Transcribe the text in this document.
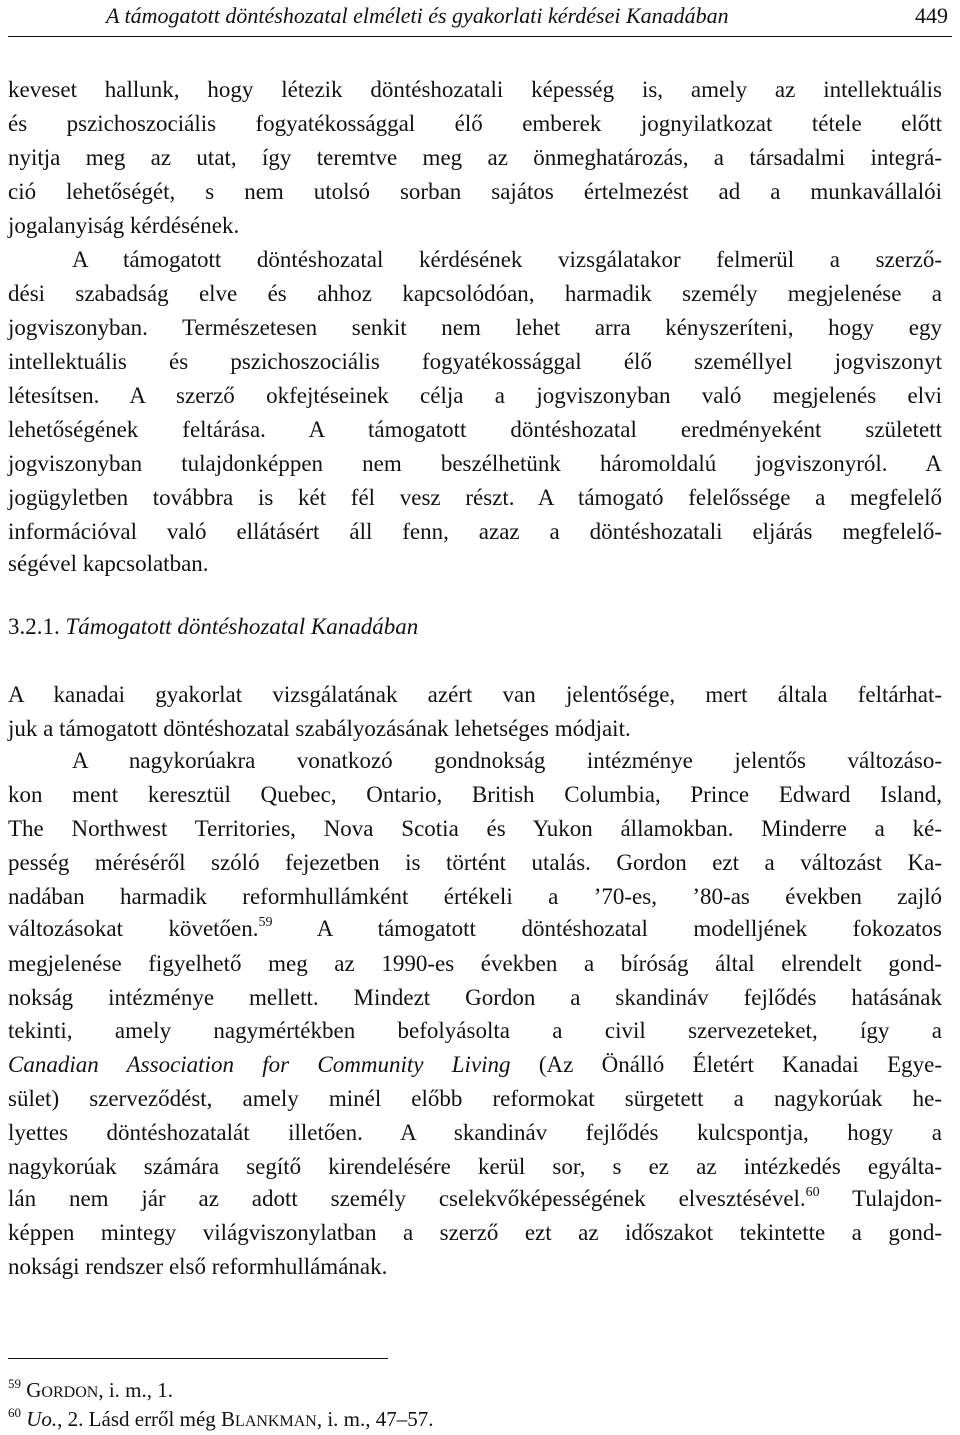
A támogatott döntéshozatal elméleti és gyakorlati kérdései Kanadában	449
keveset hallunk, hogy létezik döntéshozatali képesség is, amely az intellektuális
és pszichoszociális fogyatékossággal élő emberek jognyilatkozat tétele előtt
nyitja meg az utat, így teremtve meg az önmeghatározás, a társadalmi integrá-
ció lehetőségét, s nem utolsó sorban sajátos értelmezést ad a munkavállalói
jogalanyiság kérdésének.
A támogatott döntéshozatal kérdésének vizsgálatakor felmerül a szerző-
dési szabadság elve és ahhoz kapcsolódóan, harmadik személy megjelenése a
jogviszonyban. Természetesen senkit nem lehet arra kényszeríteni, hogy egy
intellektuális és pszichoszociális fogyatékossággal élő személlyel jogviszonyt
létesítsen. A szerző okfejtéseinek célja a jogviszonyban való megjelenés elvi
lehetőségének feltárása. A támogatott döntéshozatal eredményeként született
jogviszonyban tulajdonképpen nem beszélhetünk háromoldalú jogviszonyról. A
jogügyletben továbbra is két fél vesz részt. A támogató felelőssége a megfelelő
információval való ellátásért áll fenn, azaz a döntéshozatali eljárás megfelelő-
ségével kapcsolatban.
3.2.1. Támogatott döntéshozatal Kanadában
A kanadai gyakorlat vizsgálatának azért van jelentősége, mert általa feltárhat-
juk a támogatott döntéshozatal szabályozásának lehetséges módjait.
A nagykorúakra vonatkozó gondnokság intézménye jelentős változáso-
kon ment keresztül Quebec, Ontario, British Columbia, Prince Edward Island,
The Northwest Territories, Nova Scotia és Yukon államokban. Minderre a ké-
pesség méréséről szóló fejezetben is történt utalás. Gordon ezt a változást Ka-
nadában harmadik reformhullámként értékeli a ’70-es, ’80-as években zajló
változásokat követően.$^{59}$ A támogatott döntéshozatal modelljének fokozatos
megjelenése figyelhető meg az 1990-es években a bíróság által elrendelt gond-
nokság intézménye mellett. Mindezt Gordon a skandináv fejlődés hatásának
tekinti, amely nagymértékben befolyásolta a civil szervezeteket, így a
Canadian Association for Community Living (Az Önálló Életért Kanadai Egye-
sület) szerveződést, amely minél előbb reformokat sürgetett a nagykorúak he-
lyettes döntéshozatalát illetően. A skandináv fejlődés kulcspontja, hogy a
nagykorúak számára segítő kirendelésére kerül sor, s ez az intézkedés egyálta-
lán nem jár az adott személy cselekvőképességének elvesztésével.$^{60}$ Tulajdon-
képpen mintegy világviszonylatban a szerző ezt az időszakot tekintette a gond-
noksági rendszer első reformhullámának.
$^{59}$ GORDON, i. m., 1.
$^{60}$ Uo., 2. Lásd erről még BLANKMAN, i. m., 47–57.
